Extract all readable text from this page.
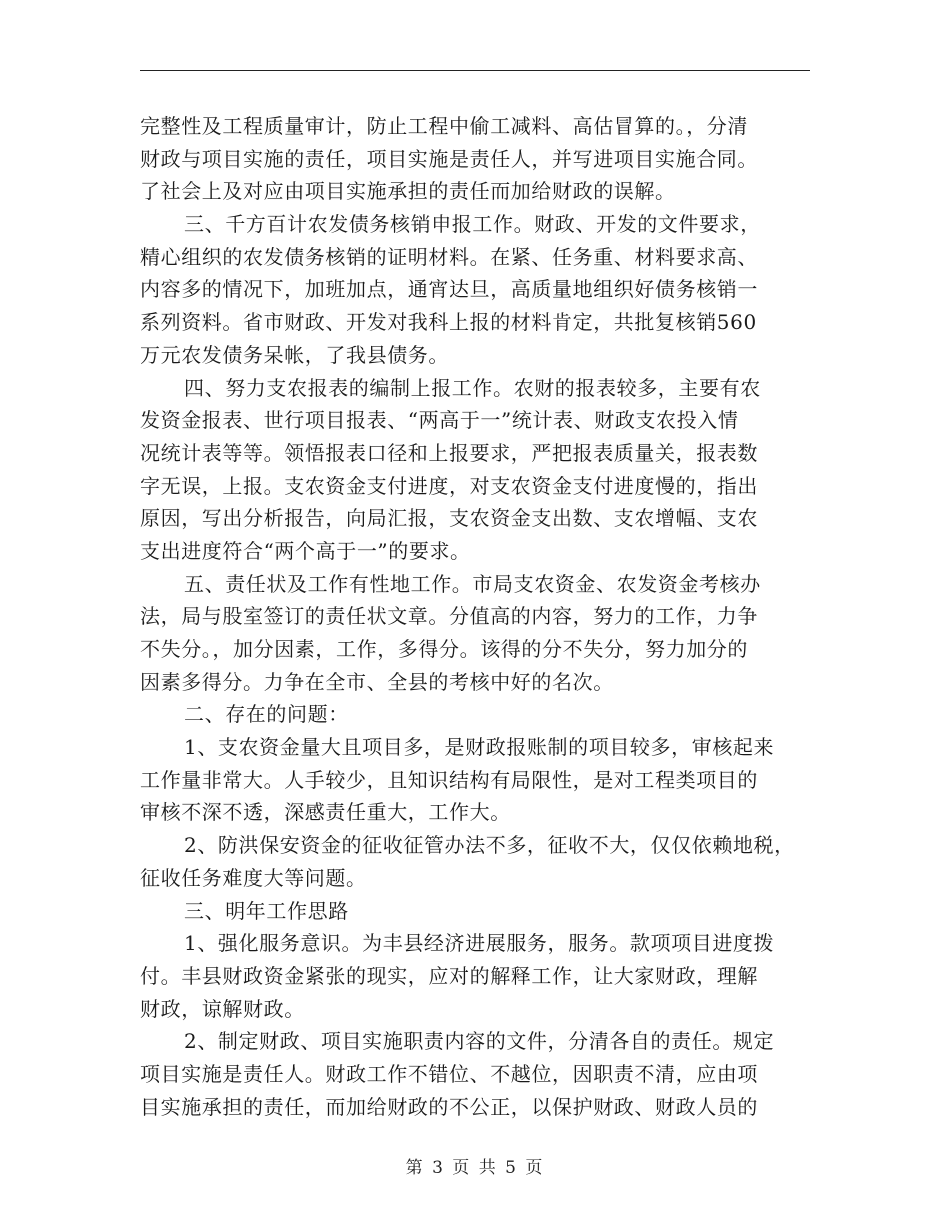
完整性及工程质量审计，防止工程中偷工减料、高估冒算的。，分清
财政与项目实施的责任，项目实施是责任人，并写进项目实施合同。
了社会上及对应由项目实施承担的责任而加给财政的误解。
三、千方百计农发债务核销申报工作。财政、开发的文件要求，
精心组织的农发债务核销的证明材料。在紧、任务重、材料要求高、
内容多的情况下，加班加点，通宵达旦，高质量地组织好债务核销一
系列资料。省市财政、开发对我科上报的材料肯定，共批复核销560
万元农发债务呆帐，了我县债务。
四、努力支农报表的编制上报工作。农财的报表较多，主要有农
发资金报表、世行项目报表、“两高于一”统计表、财政支农投入情
况统计表等等。领悟报表口径和上报要求，严把报表质量关，报表数
字无误，上报。支农资金支付进度，对支农资金支付进度慢的，指出
原因，写出分析报告，向局汇报，支农资金支出数、支农增幅、支农
支出进度符合“两个高于一”的要求。
五、责任状及工作有性地工作。市局支农资金、农发资金考核办
法，局与股室签订的责任状文章。分值高的内容，努力的工作，力争
不失分。，加分因素，工作，多得分。该得的分不失分，努力加分的
因素多得分。力争在全市、全县的考核中好的名次。
二、存在的问题：
1、支农资金量大且项目多，是财政报账制的项目较多，审核起来
工作量非常大。人手较少，且知识结构有局限性，是对工程类项目的
审核不深不透，深感责任重大，工作大。
2、防洪保安资金的征收征管办法不多，征收不大，仅仅依赖地税，
征收任务难度大等问题。
三、明年工作思路
1、强化服务意识。为丰县经济进展服务，服务。款项项目进度拨
付。丰县财政资金紧张的现实，应对的解释工作，让大家财政，理解
财政，谅解财政。
2、制定财政、项目实施职责内容的文件，分清各自的责任。规定
项目实施是责任人。财政工作不错位、不越位，因职责不清，应由项
目实施承担的责任，而加给财政的不公正，以保护财政、财政人员的
第 3 页 共 5 页
